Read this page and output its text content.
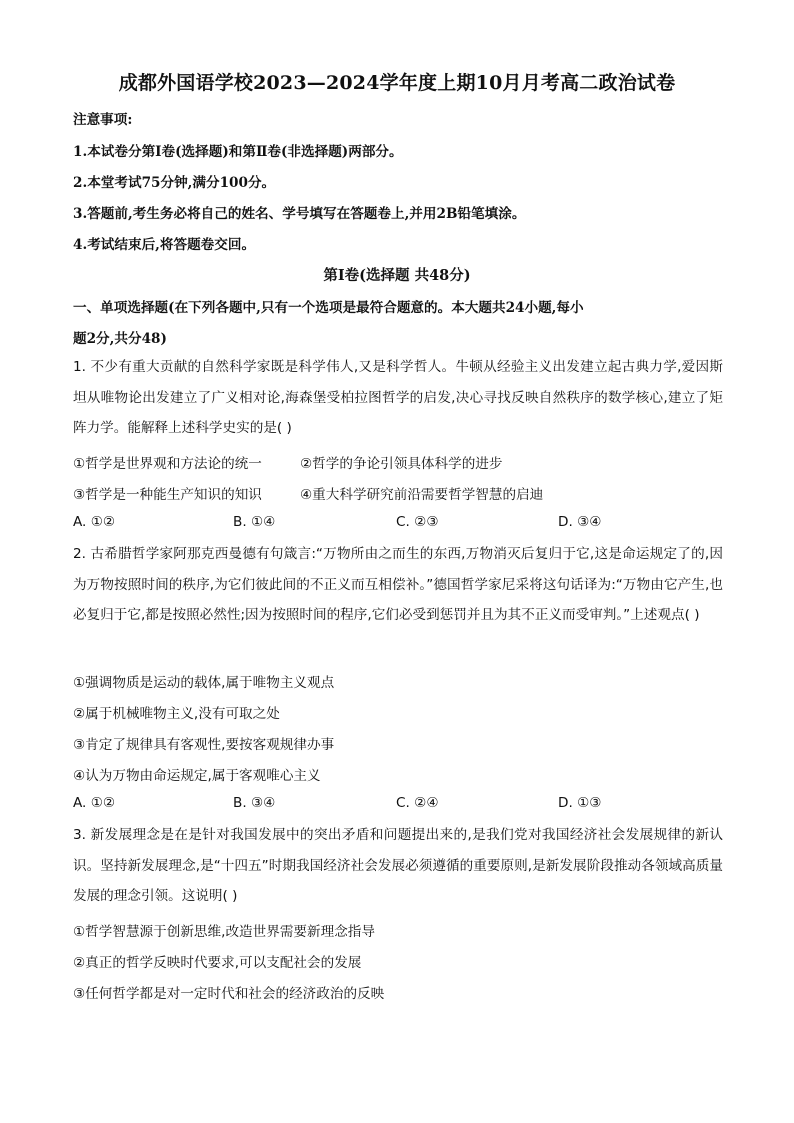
成都外国语学校2023—2024学年度上期10月月考高二政治试卷
注意事项:
1.本试卷分第Ⅰ卷(选择题)和第Ⅱ卷(非选择题)两部分。
2.本堂考试75分钟,满分100分。
3.答题前,考生务必将自己的姓名、学号填写在答题卷上,并用2B铅笔填涂。
4.考试结束后,将答题卷交回。
第Ⅰ卷(选择题 共48分)
一、单项选择题(在下列各题中,只有一个选项是最符合题意的。本大题共24小题,每小
题2分,共分48)
1. 不少有重大贡献的自然科学家既是科学伟人,又是科学哲人。牛顿从经验主义出发建立起古典力学,爱因斯坦从唯物论出发建立了广义相对论,海森堡受柏拉图哲学的启发,决心寻找反映自然秩序的数学核心,建立了矩阵力学。能解释上述科学史实的是( )
①哲学是世界观和方法论的统一	②哲学的争论引领具体科学的进步
③哲学是一种能生产知识的知识	④重大科学研究前沿需要哲学智慧的启迪
A. ①②	B. ①④	C. ②③	D. ③④
2. 古希腊哲学家阿那克西曼德有句箴言:“万物所由之而生的东西,万物消灭后复归于它,这是命运规定了的,因为万物按照时间的秩序,为它们彼此间的不正义而互相偿补。”德国哲学家尼采将这句话译为:“万物由它产生,也必复归于它,都是按照必然性;因为按照时间的程序,它们必受到惩罚并且为其不正义而受审判。”上述观点( )
①强调物质是运动的载体,属于唯物主义观点
②属于机械唯物主义,没有可取之处
③肯定了规律具有客观性,要按客观规律办事
④认为万物由命运规定,属于客观唯心主义
A. ①②	B. ③④	C. ②④	D. ①③
3. 新发展理念是在是针对我国发展中的突出矛盾和问题提出来的,是我们党对我国经济社会发展规律的新认识。坚持新发展理念,是“十四五”时期我国经济社会发展必须遵循的重要原则,是新发展阶段推动各领域高质量发展的理念引领。这说明( )
①哲学智慧源于创新思维,改造世界需要新理念指导
②真正的哲学反映时代要求,可以支配社会的发展
③任何哲学都是对一定时代和社会的经济政治的反映
